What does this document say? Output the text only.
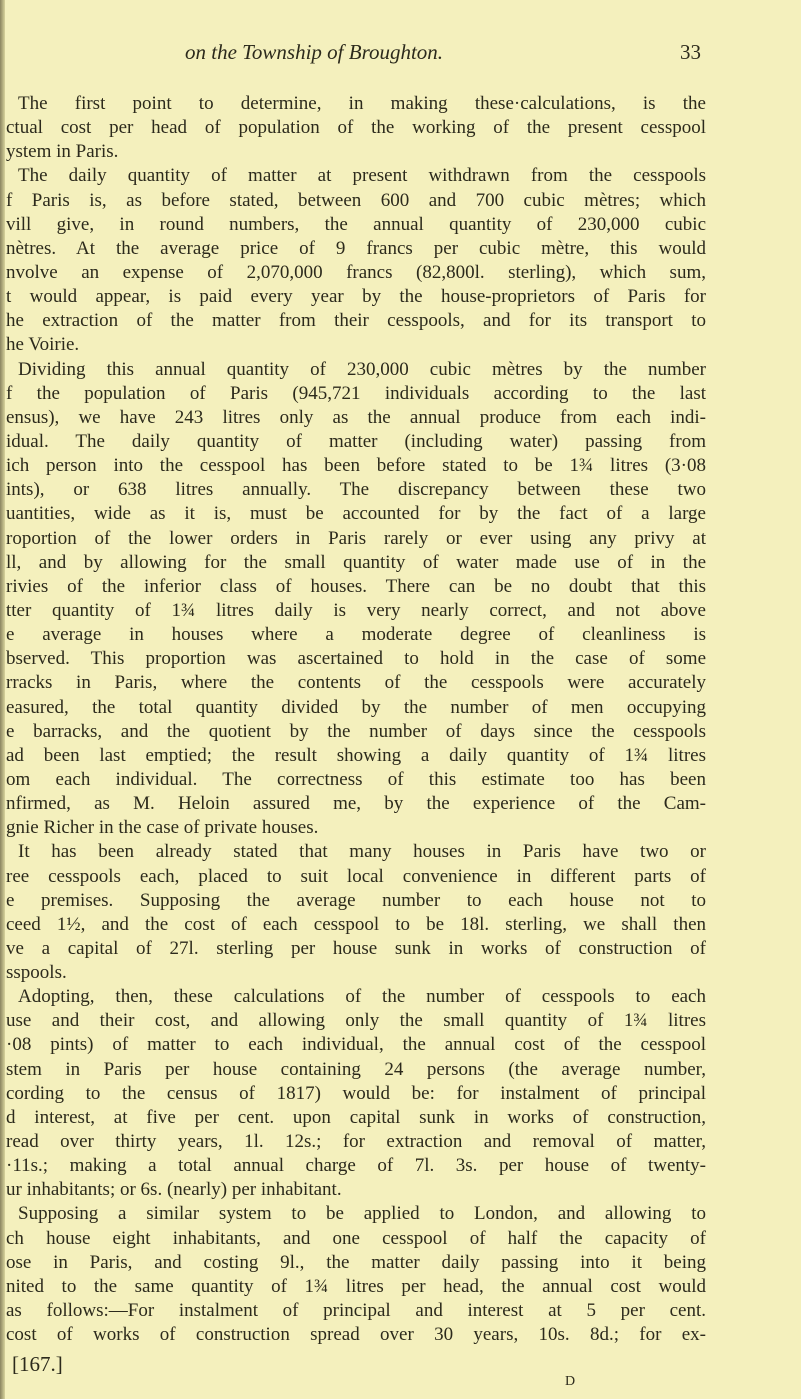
on the Township of Broughton.	33
The first point to determine, in making these·calculations, is the
ctual cost per head of population of the working of the present cesspool
ystem in Paris.
The daily quantity of matter at present withdrawn from the cesspools
f Paris is, as before stated, between 600 and 700 cubic mètres; which
vill give, in round numbers, the annual quantity of 230,000 cubic
nètres. At the average price of 9 francs per cubic mètre, this would
nvolve an expense of 2,070,000 francs (82,800l. sterling), which sum,
t would appear, is paid every year by the house-proprietors of Paris for
he extraction of the matter from their cesspools, and for its transport to
he Voirie.
Dividing this annual quantity of 230,000 cubic mètres by the number
f the population of Paris (945,721 individuals according to the last
ensus), we have 243 litres only as the annual produce from each indi-
idual. The daily quantity of matter (including water) passing from
ich person into the cesspool has been before stated to be 1¾ litres (3·08
ints), or 638 litres annually. The discrepancy between these two
uantities, wide as it is, must be accounted for by the fact of a large
roportion of the lower orders in Paris rarely or ever using any privy at
ll, and by allowing for the small quantity of water made use of in the
rivies of the inferior class of houses. There can be no doubt that this
tter quantity of 1¾ litres daily is very nearly correct, and not above
e average in houses where a moderate degree of cleanliness is
bserved. This proportion was ascertained to hold in the case of some
rracks in Paris, where the contents of the cesspools were accurately
easured, the total quantity divided by the number of men occupying
e barracks, and the quotient by the number of days since the cesspools
ad been last emptied; the result showing a daily quantity of 1¾ litres
om each individual. The correctness of this estimate too has been
nfirmed, as M. Heloin assured me, by the experience of the Cam-
gnie Richer in the case of private houses.
It has been already stated that many houses in Paris have two or
ree cesspools each, placed to suit local convenience in different parts of
e premises. Supposing the average number to each house not to
ceed 1½, and the cost of each cesspool to be 18l. sterling, we shall then
ve a capital of 27l. sterling per house sunk in works of construction of
sspools.
Adopting, then, these calculations of the number of cesspools to each
use and their cost, and allowing only the small quantity of 1¾ litres
·08 pints) of matter to each individual, the annual cost of the cesspool
stem in Paris per house containing 24 persons (the average number,
cording to the census of 1817) would be: for instalment of principal
d interest, at five per cent. upon capital sunk in works of construction,
read over thirty years, 1l. 12s.; for extraction and removal of matter,
·11s.; making a total annual charge of 7l. 3s. per house of twenty-
ur inhabitants; or 6s. (nearly) per inhabitant.
Supposing a similar system to be applied to London, and allowing to
ch house eight inhabitants, and one cesspool of half the capacity of
ose in Paris, and costing 9l., the matter daily passing into it being
nited to the same quantity of 1¾ litres per head, the annual cost would
as follows:—For instalment of principal and interest at 5 per cent.
cost of works of construction spread over 30 years, 10s. 8d.; for ex-
[167.]
D
